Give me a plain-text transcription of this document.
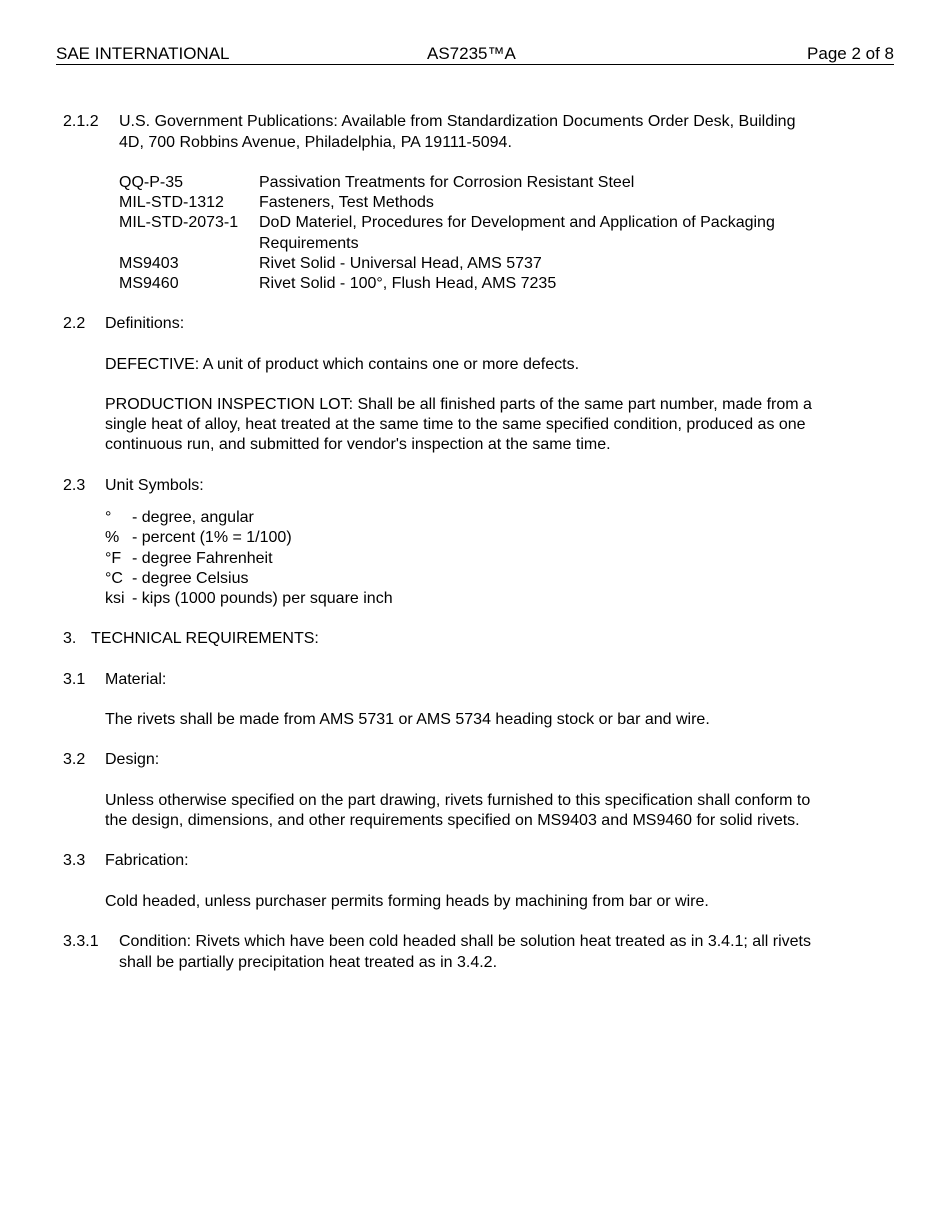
SAE INTERNATIONAL	AS7235™A	Page 2 of 8
2.1.2 U.S. Government Publications: Available from Standardization Documents Order Desk, Building
4D, 700 Robbins Avenue, Philadelphia, PA 19111-5094.
QQ-P-35	Passivation Treatments for Corrosion Resistant Steel
MIL-STD-1312 Fasteners, Test Methods
MIL-STD-2073-1 DoD Materiel, Procedures for Development and Application of Packaging
Requirements
MS9403	Rivet Solid - Universal Head, AMS 5737
MS9460	Rivet Solid - 100°, Flush Head, AMS 7235
2.2 Definitions:
DEFECTIVE: A unit of product which contains one or more defects.
PRODUCTION INSPECTION LOT: Shall be all finished parts of the same part number, made from a
single heat of alloy, heat treated at the same time to the same specified condition, produced as one
continuous run, and submitted for vendor's inspection at the same time.
2.3 Unit Symbols:
° - degree, angular
% - percent (1% = 1/100)
°F - degree Fahrenheit
°C - degree Celsius
ksi - kips (1000 pounds) per square inch
3. TECHNICAL REQUIREMENTS:
3.1 Material:
The rivets shall be made from AMS 5731 or AMS 5734 heading stock or bar and wire.
3.2 Design:
Unless otherwise specified on the part drawing, rivets furnished to this specification shall conform to
the design, dimensions, and other requirements specified on MS9403 and MS9460 for solid rivets.
3.3 Fabrication:
Cold headed, unless purchaser permits forming heads by machining from bar or wire.
3.3.1 Condition: Rivets which have been cold headed shall be solution heat treated as in 3.4.1; all rivets
shall be partially precipitation heat treated as in 3.4.2.
